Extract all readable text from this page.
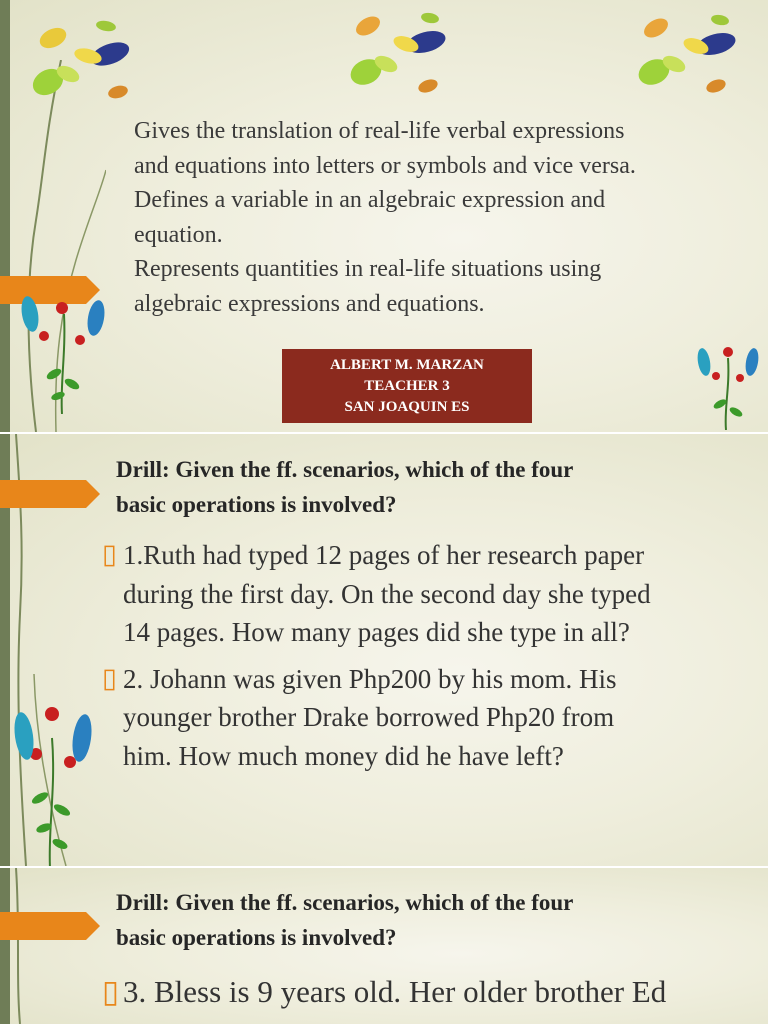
Gives the translation of real-life verbal expressions
and equations into letters or symbols and vice versa.
Defines a variable in an algebraic expression and
equation.
Represents quantities in real-life situations using
algebraic expressions and equations.
ALBERT M. MARZAN
TEACHER 3
SAN JOAQUIN ES
Drill: Given the ff. scenarios, which of the four
basic operations is involved?
▯ 1.Ruth had typed 12 pages of her research paper
during the first day. On the second day she typed
14 pages. How many pages did she type in all?
▯ 2. Johann was given Php200 by his mom. His
younger brother Drake borrowed Php20 from
him. How much money did he have left?
Drill: Given the ff. scenarios, which of the four
basic operations is involved?
▯ 3. Bless is 9 years old. Her older brother Ed
